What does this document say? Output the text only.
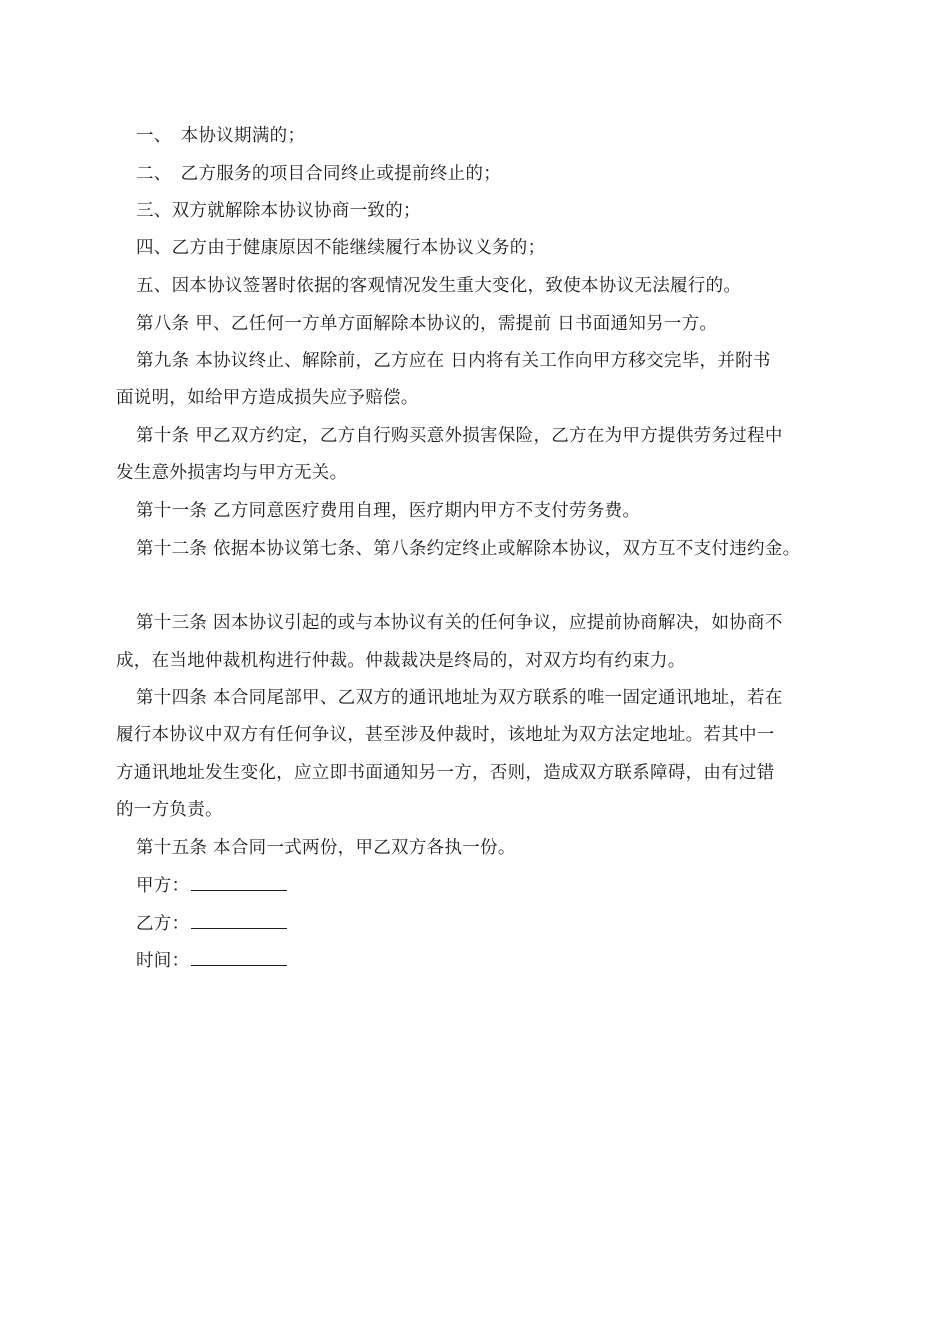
一、　本协议期满的；
二、　乙方服务的项目合同终止或提前终止的；
三、双方就解除本协议协商一致的；
四、乙方由于健康原因不能继续履行本协议义务的；
五、因本协议签署时依据的客观情况发生重大变化，致使本协议无法履行的。
第八条 甲、乙任何一方单方面解除本协议的，需提前 日书面通知另一方。
第九条 本协议终止、解除前，乙方应在 日内将有关工作向甲方移交完毕，并附书
面说明，如给甲方造成损失应予赔偿。
第十条 甲乙双方约定，乙方自行购买意外损害保险，乙方在为甲方提供劳务过程中
发生意外损害均与甲方无关。
第十一条 乙方同意医疗费用自理，医疗期内甲方不支付劳务费。
第十二条 依据本协议第七条、第八条约定终止或解除本协议，双方互不支付违约金。
第十三条 因本协议引起的或与本协议有关的任何争议，应提前协商解决，如协商不
成，在当地仲裁机构进行仲裁。仲裁裁决是终局的，对双方均有约束力。
第十四条 本合同尾部甲、乙双方的通讯地址为双方联系的唯一固定通讯地址，若在
履行本协议中双方有任何争议，甚至涉及仲裁时，该地址为双方法定地址。若其中一
方通讯地址发生变化，应立即书面通知另一方，否则，造成双方联系障碍，由有过错
的一方负责。
第十五条 本合同一式两份，甲乙双方各执一份。
甲方：
乙方：
时间：
